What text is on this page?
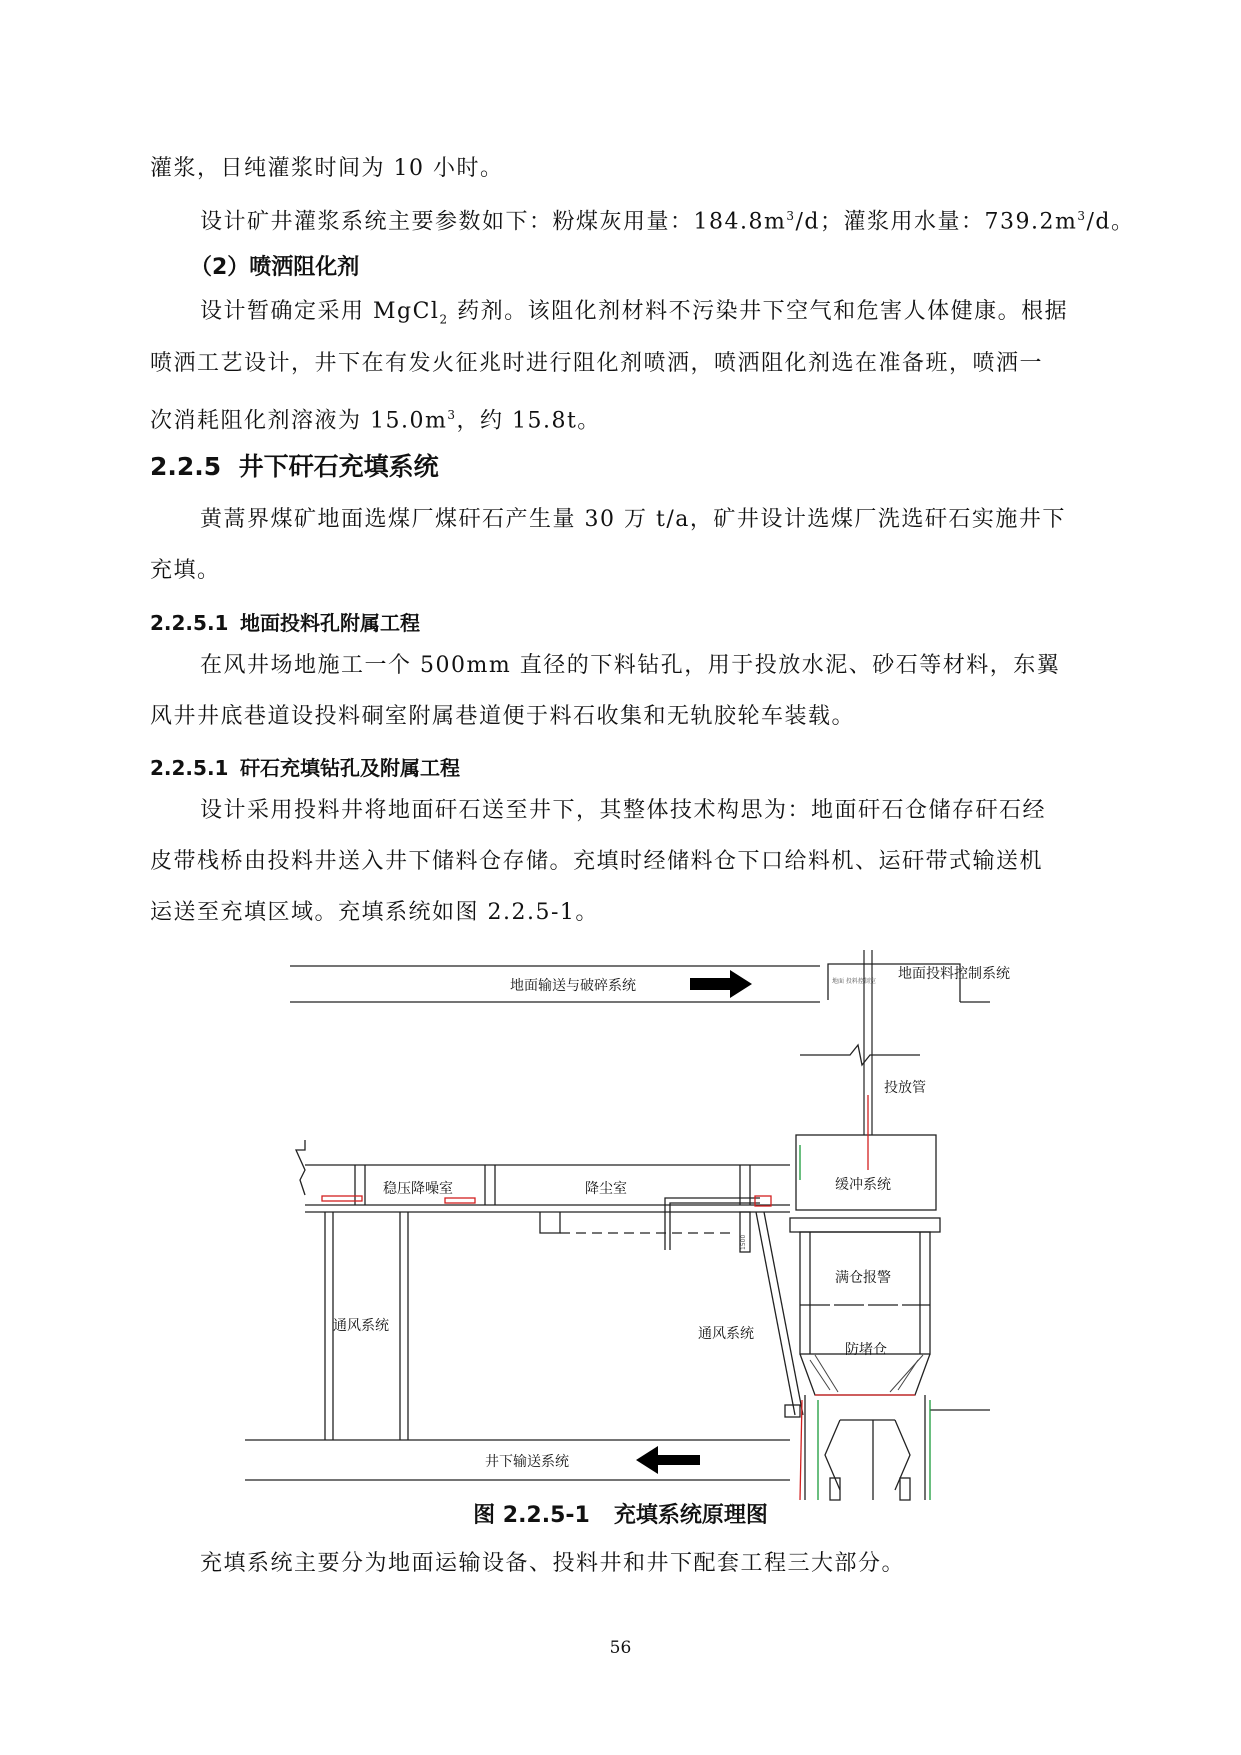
灌浆，日纯灌浆时间为 10 小时。
设计矿井灌浆系统主要参数如下：粉煤灰用量：$184.8m^3/d$；灌浆用水量：$739.2m^3/d$。
（2）喷洒阻化剂
设计暂确定采用 MgCl$_2$ 药剂。该阻化剂材料不污染井下空气和危害人体健康。根据
喷洒工艺设计，井下在有发火征兆时进行阻化剂喷洒，喷洒阻化剂选在准备班，喷洒一
次消耗阻化剂溶液为 $15.0m^3$，约 15.8t。
2.2.5 井下矸石充填系统
黄蒿界煤矿地面选煤厂煤矸石产生量 30 万 t/a，矿井设计选煤厂洗选矸石实施井下
充填。
2.2.5.1 地面投料孔附属工程
在风井场地施工一个 500mm 直径的下料钻孔，用于投放水泥、砂石等材料，东翼
风井井底巷道设投料硐室附属巷道便于料石收集和无轨胶轮车装载。
2.2.5.1 矸石充填钻孔及附属工程
设计采用投料井将地面矸石送至井下，其整体技术构思为：地面矸石仓储存矸石经
皮带栈桥由投料井送入井下储料仓存储。充填时经储料仓下口给料机、运矸带式输送机
运送至充填区域。充填系统如图 2.2.5-1。
地面输送与破碎系统
地面投料控制系统
地面 投料控制室
投放管
稳压降噪室	降尘室	缓冲系统
满仓报警
防堵仓
通风系统	通风系统
井下输送系统
1500
图 2.2.5-1 充填系统原理图
充填系统主要分为地面运输设备、投料井和井下配套工程三大部分。
56
